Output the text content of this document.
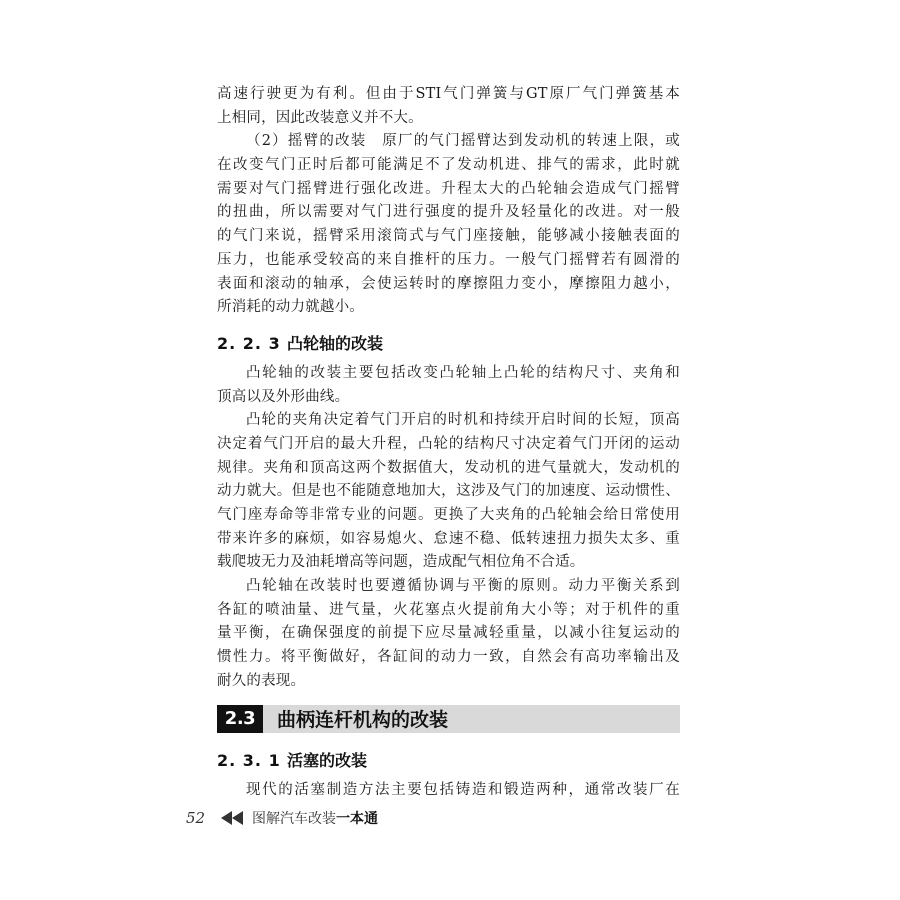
高速行驶更为有利。但由于STI气门弹簧与GT原厂气门弹簧基本
上相同，因此改装意义并不大。
（2）摇臂的改装　原厂的气门摇臂达到发动机的转速上限，或
在改变气门正时后都可能满足不了发动机进、排气的需求，此时就
需要对气门摇臂进行强化改进。升程太大的凸轮轴会造成气门摇臂
的扭曲，所以需要对气门进行强度的提升及轻量化的改进。对一般
的气门来说，摇臂采用滚筒式与气门座接触，能够减小接触表面的
压力，也能承受较高的来自推杆的压力。一般气门摇臂若有圆滑的
表面和滚动的轴承，会使运转时的摩擦阻力变小，摩擦阻力越小，
所消耗的动力就越小。
2. 2. 3 凸轮轴的改装
凸轮轴的改装主要包括改变凸轮轴上凸轮的结构尺寸、夹角和
顶高以及外形曲线。
凸轮的夹角决定着气门开启的时机和持续开启时间的长短，顶高
决定着气门开启的最大升程，凸轮的结构尺寸决定着气门开闭的运动
规律。夹角和顶高这两个数据值大，发动机的进气量就大，发动机的
动力就大。但是也不能随意地加大，这涉及气门的加速度、运动惯性、
气门座寿命等非常专业的问题。更换了大夹角的凸轮轴会给日常使用
带来许多的麻烦，如容易熄火、怠速不稳、低转速扭力损失太多、重
载爬坡无力及油耗增高等问题，造成配气相位角不合适。
凸轮轴在改装时也要遵循协调与平衡的原则。动力平衡关系到
各缸的喷油量、进气量，火花塞点火提前角大小等；对于机件的重
量平衡，在确保强度的前提下应尽量减轻重量，以减小往复运动的
惯性力。将平衡做好，各缸间的动力一致，自然会有高功率输出及
耐久的表现。
2.3	曲柄连杆机构的改装
2. 3. 1 活塞的改装
现代的活塞制造方法主要包括铸造和锻造两种，通常改装厂在
52	图解汽车改装 一本通
